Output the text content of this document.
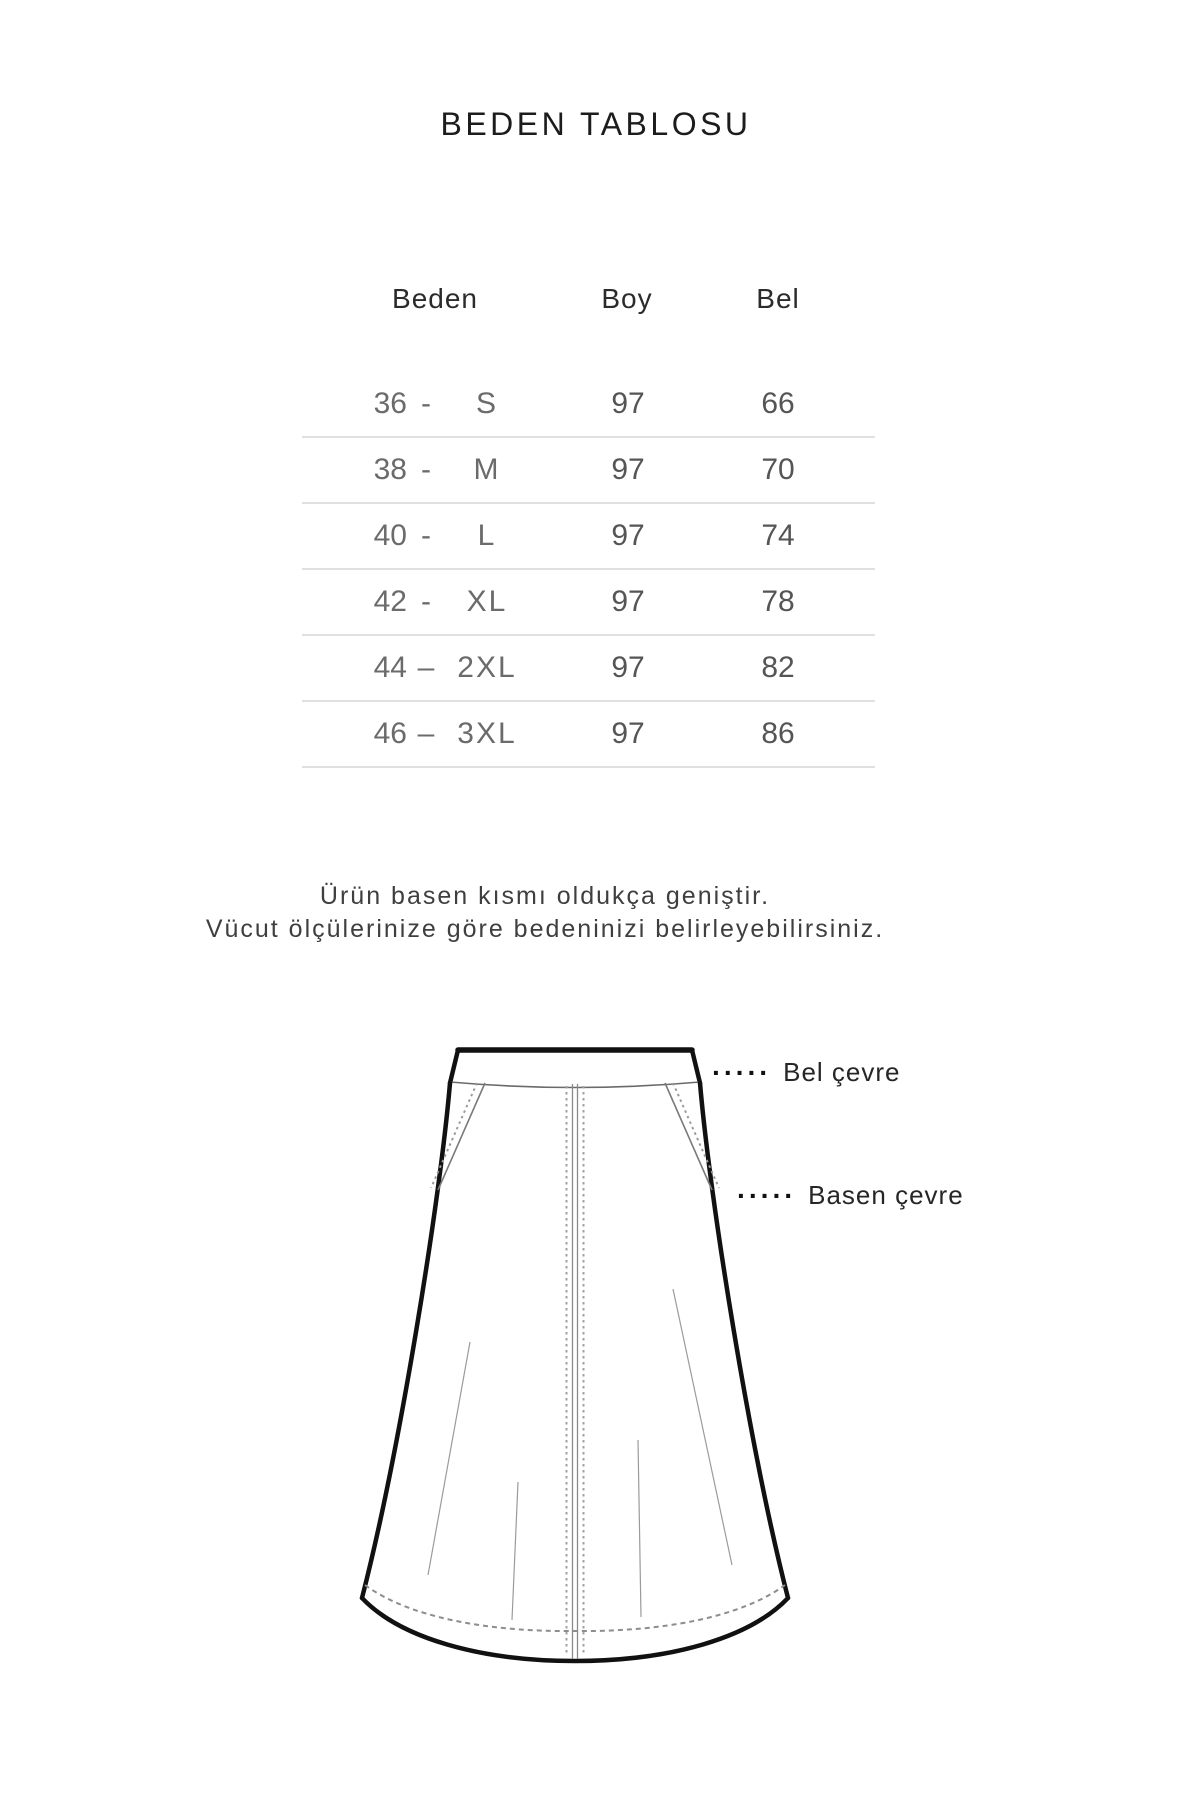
BEDEN TABLOSU
Beden	Boy	Bel
36 -	S	97	66
38 -	M	97	70
40 -	L	97	74
42 -	XL	97	78
44 – 2XL	97	82
46 – 3XL	97	86
Ürün basen kısmı oldukça geniştir.
Vücut ölçülerinize göre bedeninizi belirleyebilirsiniz.
····· Bel çevre
····· Basen çevre
